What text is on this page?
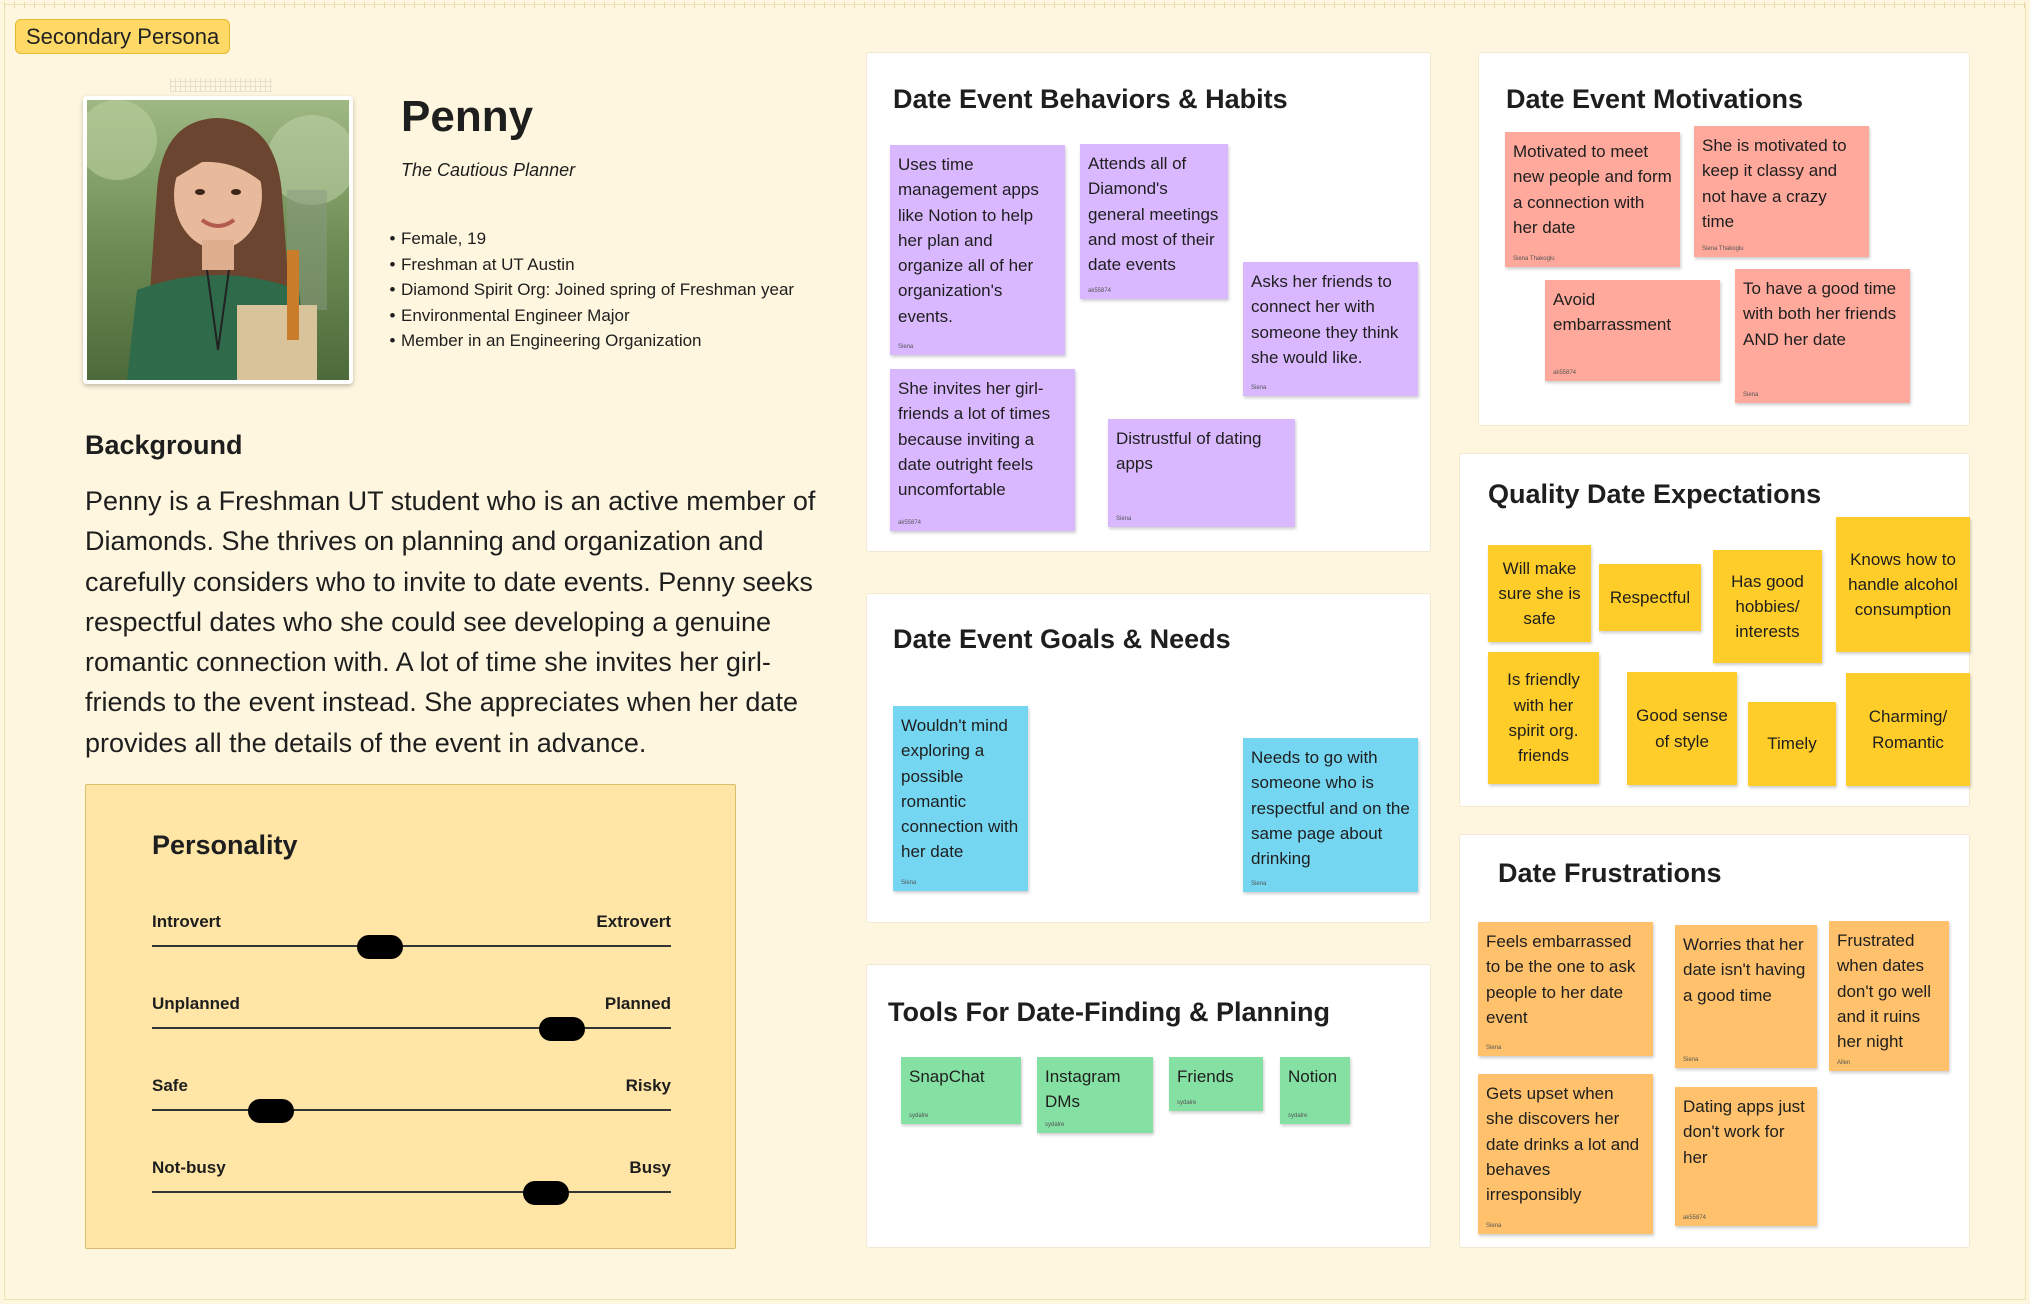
Secondary Persona
Penny
The Cautious Planner
• Female, 19
• Freshman at UT Austin
• Diamond Spirit Org: Joined spring of Freshman year
• Environmental Engineer Major
• Member in an Engineering Organization
Background
Penny is a Freshman UT student who is an active member of Diamonds. She thrives on planning and organization and carefully considers who to invite to date events. Penny seeks respectful dates who she could see developing a genuine romantic connection with. A lot of time she invites her girl-friends to the event instead. She appreciates when her date provides all the details of the event in advance.
Personality
Introvert	Extrovert
Unplanned	Planned
Safe	Risky
Not-busy	Busy
Date Event Behaviors & Habits
Uses time management apps like Notion to help her plan and organize all of her organization's events.
Siena
Attends all of Diamond's general meetings and most of their date events
ak55874	Asks her friends to connect her with someone they think she would like.
Siena
She invites her girl-friends a lot of times because inviting a date outright feels uncomfortable
ak55874
Distrustful of dating apps
Siena
Date Event Motivations
Motivated to meet new people and form a connection with her date
Siena Thakoglu
She is motivated to keep it classy and not have a crazy time
Siena Thakoglu
Avoid embarrassment
ak55874
To have a good time with both her friends AND her date
Siena
Quality Date Expectations
Will make sure she is safe
Respectful
Has good hobbies/ interests
Knows how to handle alcohol consumption
Is friendly with her spirit org. friends
Good sense of style	Timely
Charming/ Romantic
Date Event Goals & Needs
Wouldn't mind exploring a possible romantic connection with her date
Siena
Needs to go with someone who is respectful and on the same page about drinking
Siena
Tools For Date-Finding & Planning
SnapChat
sydalre
Instagram DMs
sydalre
Friends
sydalre
Notion
sydalre
Date Frustrations
Feels embarrassed to be the one to ask people to her date event
Siena
Worries that her date isn't having a good time
Siena
Frustrated when dates don't go well and it ruins her night
Allen
Gets upset when she discovers her date drinks a lot and behaves irresponsibly
Siena
Dating apps just don't work for her
ak55874
